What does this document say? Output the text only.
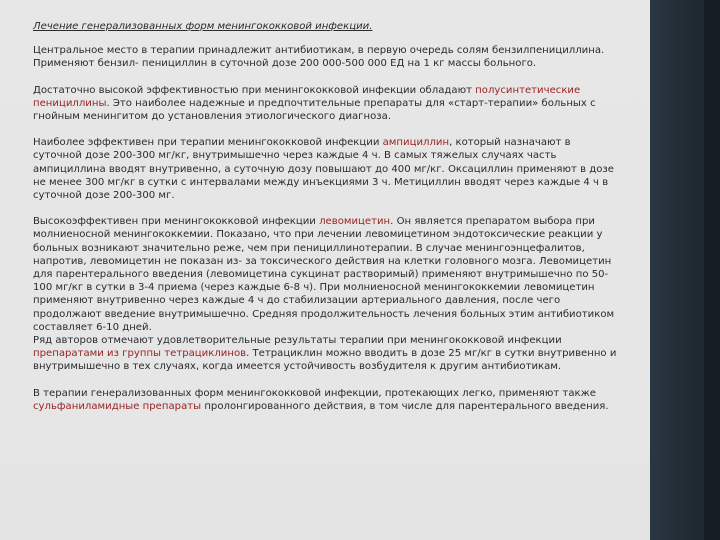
Лечение генерализованных форм менингококковой инфекции.

Центральное место в терапии принадлежит антибиотикам, в первую очередь солям бензилпенициллина. Применяют бензил- пенициллин в суточной дозе 200 000-500 000 ЕД на 1 кг массы больного.

Достаточно высокой эффективностью при менингококковой инфекции обладают полусинтетические пенициллины. Это наиболее надежные и предпочтительные препараты для «старт-терапии» больных с гнойным менингитом до установления этиологического диагноза.

Наиболее эффективен при терапии менингококковой инфекции ампициллин, который назначают в суточной дозе 200-300 мг/кг, внутримышечно через каждые 4 ч. В самых тяжелых случаях часть ампициллина вводят внутривенно, а суточную дозу повышают до 400 мг/кг. Оксациллин применяют в дозе не менее 300 мг/кг в сутки с интервалами между инъекциями 3 ч. Метициллин вводят через каждые 4 ч в суточной дозе 200-300 мг.

Высокоэффективен при менингококковой инфекции левомицетин. Он является препаратом выбора при молниеносной менингококкемии. Показано, что при лечении левомицетином эндотоксические реакции у больных возникают значительно реже, чем при пенициллинотерапии. В случае менингоэнцефалитов, напротив, левомицетин не показан из- за токсического действия на клетки головного мозга. Левомицетин для парентерального введения (левомицетина сукцинат растворимый) применяют внутримышечно по 50-100 мг/кг в сутки в 3-4 приема (через каждые 6-8 ч). При молниеносной менингококкемии левомицетин применяют внутривенно через каждые 4 ч до стабилизации артериального давления, после чего продолжают введение внутримышечно. Средняя продолжительность лечения больных этим антибиотиком составляет 6-10 дней.
Ряд авторов отмечают удовлетворительные результаты терапии при менингококковой инфекции препаратами из группы тетрациклинов. Тетрациклин можно вводить в дозе 25 мг/кг в сутки внутривенно и внутримышечно в тех случаях, когда имеется устойчивость возбудителя к другим антибиотикам.

В терапии генерализованных форм менингококковой инфекции, протекающих легко, применяют также сульфаниламидные препараты пролонгированного действия, в том числе для парентерального введения.
